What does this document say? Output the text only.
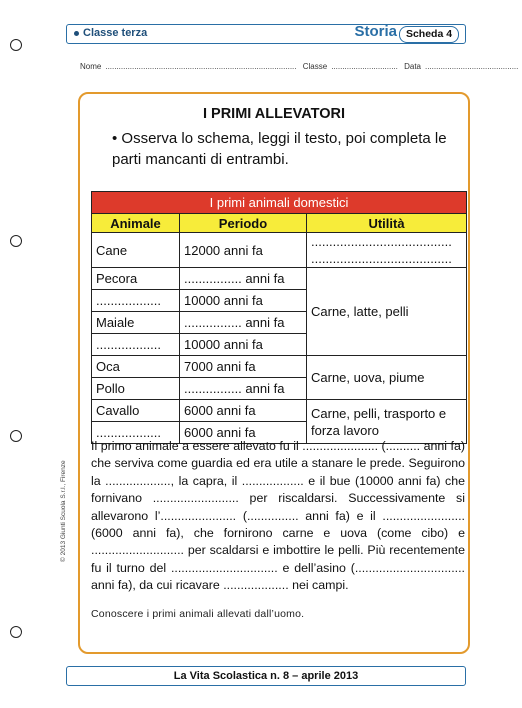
Classe terza	Storia Scheda 4
Nome ...................................................................................... Classe .............................. Data ..........................................
© 2013 Giunti Scuola S.r.l., Firenze
I PRIMI ALLEVATORI
• Osserva lo schema, leggi il testo, poi completa le parti mancanti di entrambi.
I primi animali domestici		
Animale	Periodo	Utilità
Cane	12000 anni fa	.......................................
.......................................

Pecora	................ anni fa	Carne, latte, pelli
..................	10000 anni fa	
Maiale	................ anni fa	
..................	10000 anni fa	
Oca	7000 anni fa	Carne, uova, piume
Pollo	................ anni fa	
Cavallo	6000 anni fa	Carne, pelli, trasporto e forza lavoro
..................	6000 anni fa	
Il primo animale a essere allevato fu il ...................... (.......... anni fa) che serviva come guardia ed era utile a stanare le prede. Seguirono la ..................., la capra, il .................. e il bue (10000 anni fa) che fornivano ......................... per riscaldarsi. Successivamente si allevarono l’...................... (............... anni fa) e il ........................ (6000 anni fa), che fornirono carne e uova (come cibo) e ........................... per scaldarsi e imbottire le pelli. Più recentemente fu il turno del ............................... e dell’asino (................................ anni fa), da cui ricavare ................... nei campi.
Conoscere i primi animali allevati dall’uomo.
La Vita Scolastica n. 8 – aprile 2013
